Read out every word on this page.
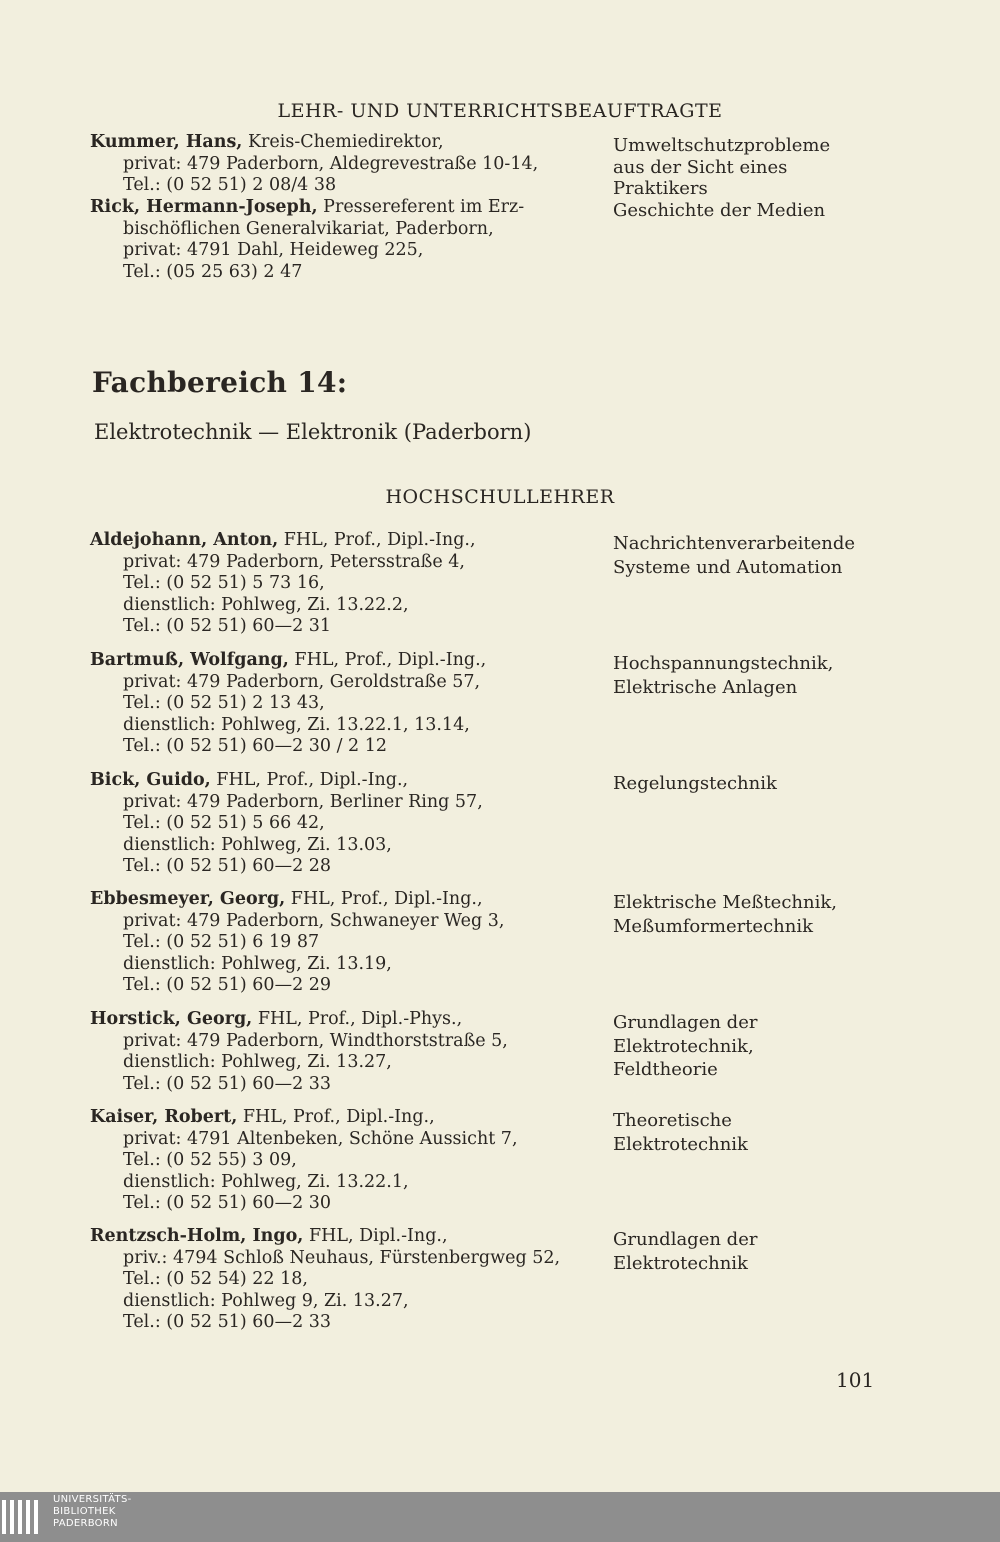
LEHR- UND UNTERRICHTSBEAUFTRAGTE
Kummer, Hans, Kreis-Chemiedirektor,
privat: 479 Paderborn, Aldegrevestraße 10-14,
Tel.: (0 52 51) 2 08/4 38
Umweltschutzprobleme
aus der Sicht eines
Praktikers
Rick, Hermann-Joseph, Pressereferent im Erz-
bischöflichen Generalvikariat, Paderborn,
privat: 4791 Dahl, Heideweg 225,
Tel.: (05 25 63) 2 47
Geschichte der Medien
Fachbereich 14:
Elektrotechnik — Elektronik (Paderborn)
HOCHSCHULLEHRER
Aldejohann, Anton, FHL, Prof., Dipl.-Ing.,
privat: 479 Paderborn, Petersstraße 4,
Tel.: (0 52 51) 5 73 16,
dienstlich: Pohlweg, Zi. 13.22.2,
Tel.: (0 52 51) 60—2 31
Nachrichtenverarbeitende
Systeme und Automation
Bartmuß, Wolfgang, FHL, Prof., Dipl.-Ing.,
privat: 479 Paderborn, Geroldstraße 57,
Tel.: (0 52 51) 2 13 43,
dienstlich: Pohlweg, Zi. 13.22.1, 13.14,
Tel.: (0 52 51) 60—2 30 / 2 12
Hochspannungstechnik,
Elektrische Anlagen
Bick, Guido, FHL, Prof., Dipl.-Ing.,
privat: 479 Paderborn, Berliner Ring 57,
Tel.: (0 52 51) 5 66 42,
dienstlich: Pohlweg, Zi. 13.03,
Tel.: (0 52 51) 60—2 28
Regelungstechnik
Ebbesmeyer, Georg, FHL, Prof., Dipl.-Ing.,
privat: 479 Paderborn, Schwaneyer Weg 3,
Tel.: (0 52 51) 6 19 87
dienstlich: Pohlweg, Zi. 13.19,
Tel.: (0 52 51) 60—2 29
Elektrische Meßtechnik,
Meßumformertechnik
Horstick, Georg, FHL, Prof., Dipl.-Phys.,
privat: 479 Paderborn, Windthorststraße 5,
dienstlich: Pohlweg, Zi. 13.27,
Tel.: (0 52 51) 60—2 33
Grundlagen der
Elektrotechnik,
Feldtheorie
Kaiser, Robert, FHL, Prof., Dipl.-Ing.,
privat: 4791 Altenbeken, Schöne Aussicht 7,
Tel.: (0 52 55) 3 09,
dienstlich: Pohlweg, Zi. 13.22.1,
Tel.: (0 52 51) 60—2 30
Theoretische
Elektrotechnik
Rentzsch-Holm, Ingo, FHL, Dipl.-Ing.,
priv.: 4794 Schloß Neuhaus, Fürstenbergweg 52,
Tel.: (0 52 54) 22 18,
dienstlich: Pohlweg 9, Zi. 13.27,
Tel.: (0 52 51) 60—2 33
Grundlagen der
Elektrotechnik
101
UNIVERSITÄTS-
BIBLIOTHEK
PADERBORN
